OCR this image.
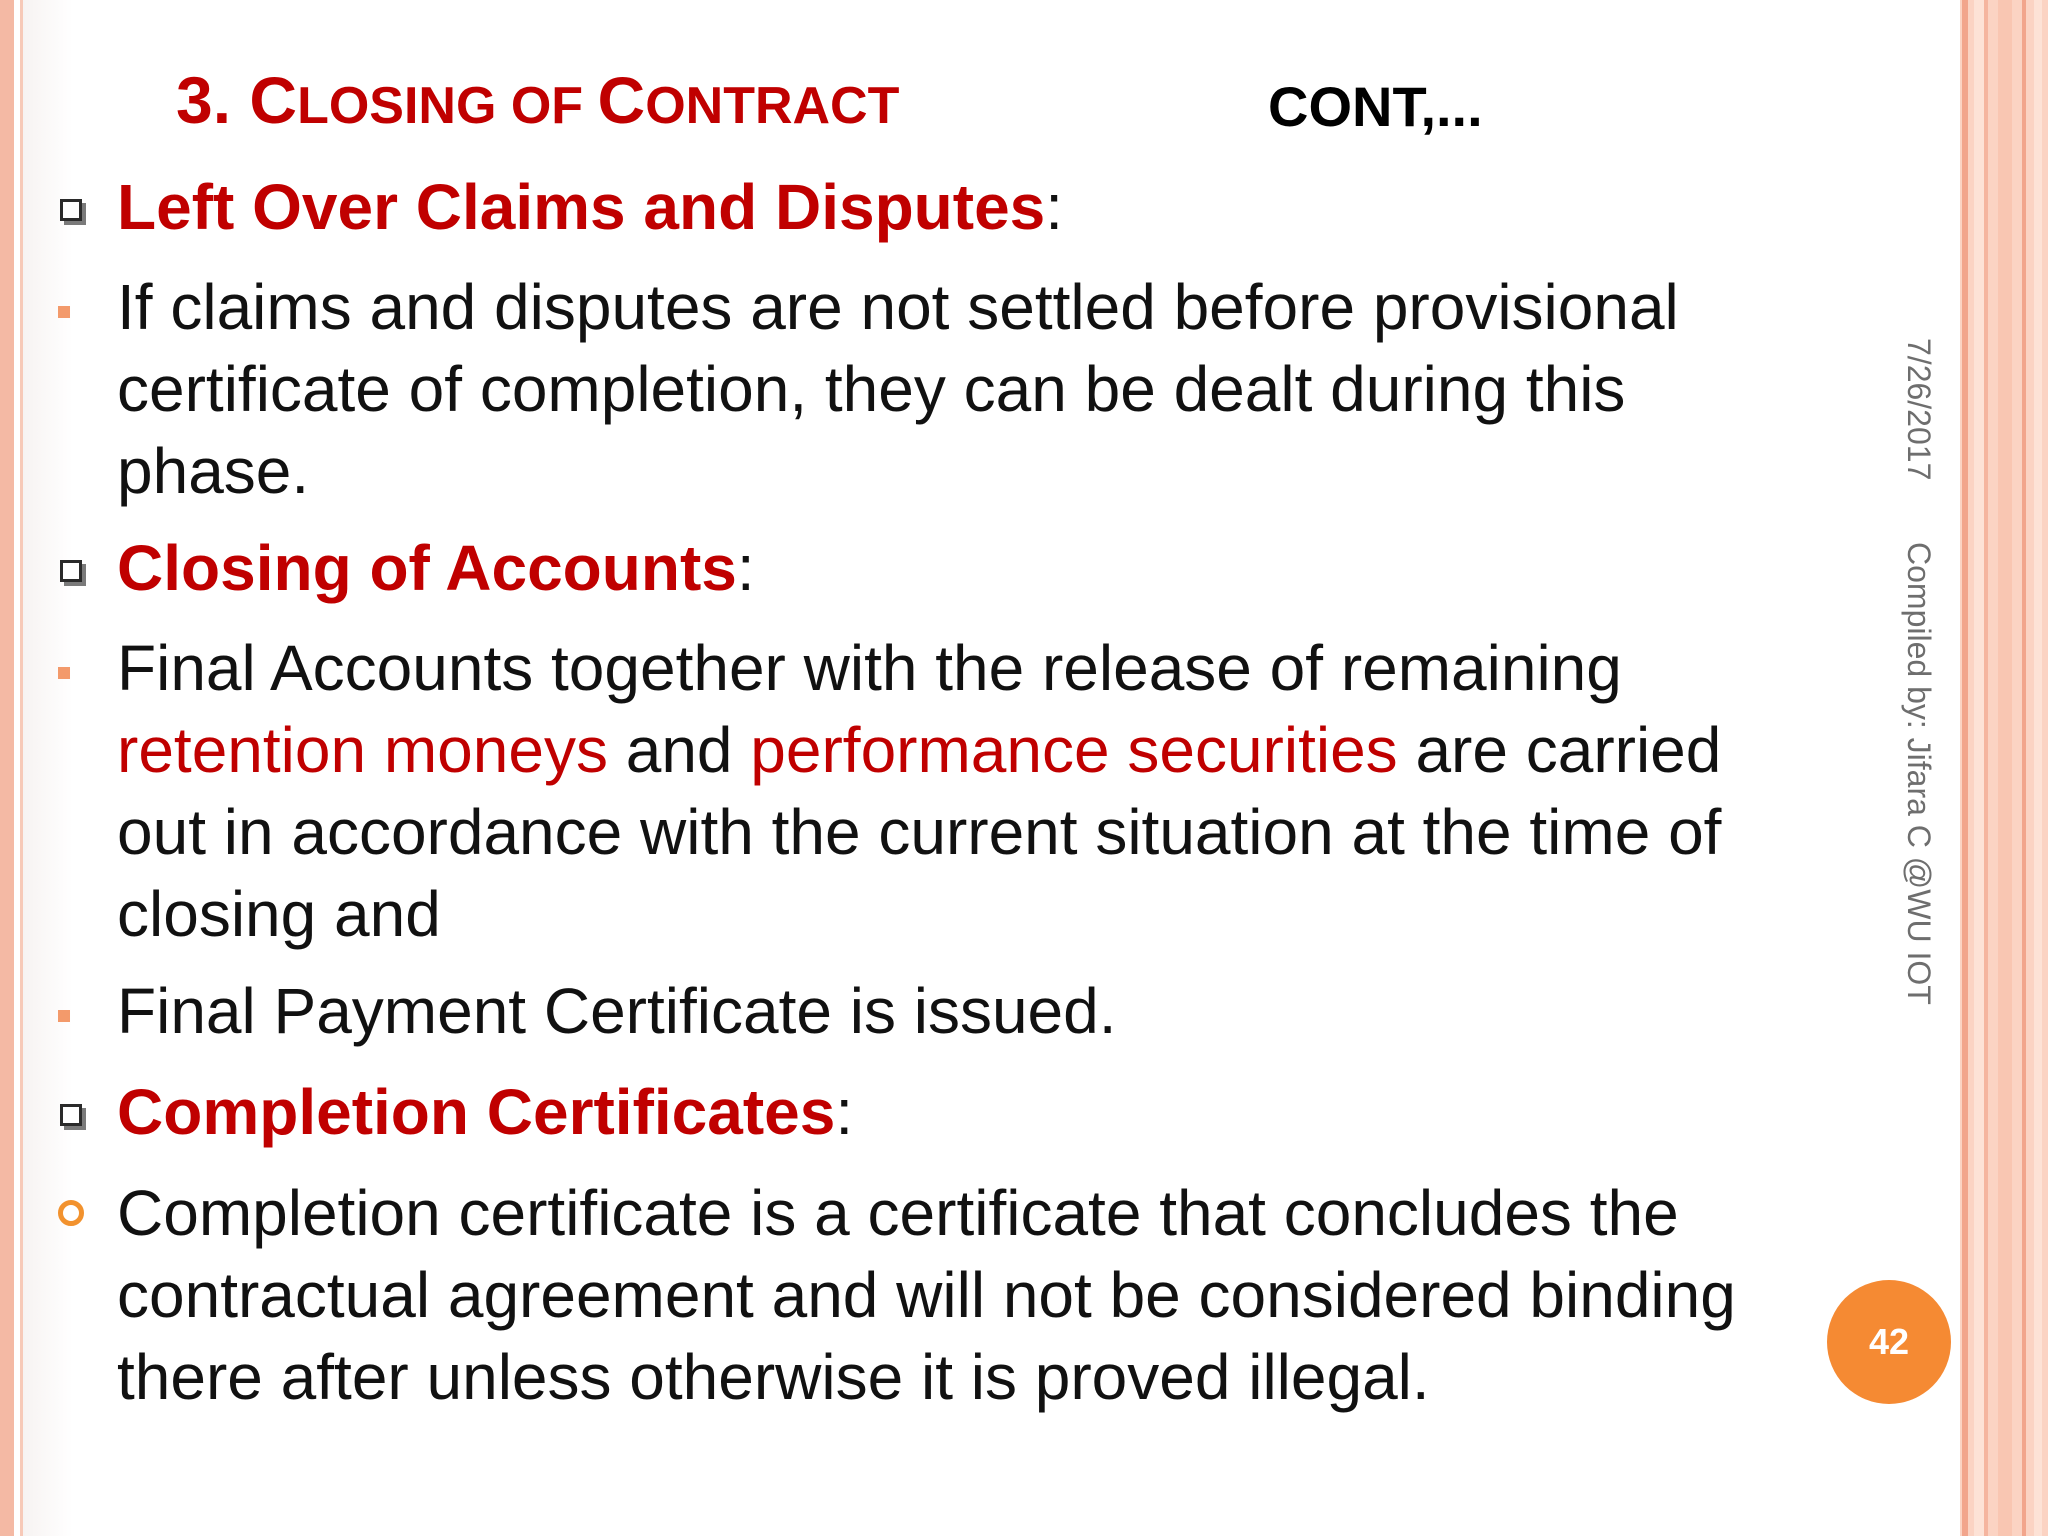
3. CLOSING OF CONTRACT	CONT,...
Left Over Claims and Disputes:
If claims and disputes are not settled before provisional
certificate of completion, they can be dealt during this
phase.
Closing of Accounts:
Final Accounts together with the release of remaining
retention moneys and performance securities are carried
out in accordance with the current situation at the time of
closing and
Final Payment Certificate is issued.
Completion Certificates:
Completion certificate is a certificate that concludes the
contractual agreement and will not be considered binding
there after unless otherwise it is proved illegal.
7/26/2017
Compiled by: Jifara C @WU IOT
42
